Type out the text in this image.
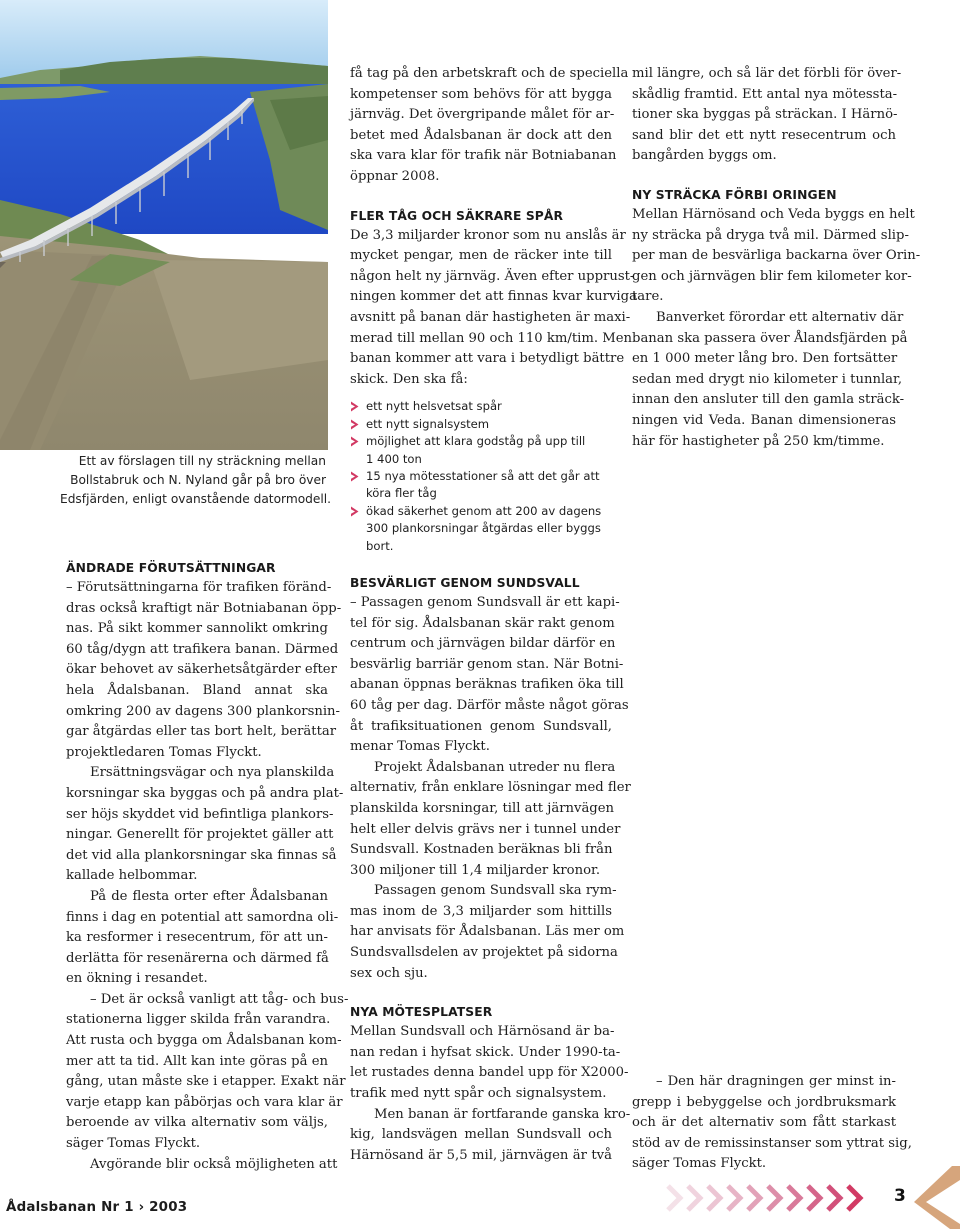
Ett av förslagen till ny sträckning mellan
Bollstabruk och N. Nyland går på bro över
Edsfjärden, enligt ovanstående datormodell.
ÄNDRADE FÖRUTSÄTTNINGAR
– Förutsättningarna för trafiken föränd-
dras också kraftigt när Botniabanan öpp-
nas. På sikt kommer sannolikt omkring
60 tåg/dygn att trafikera banan. Därmed
ökar behovet av säkerhetsåtgärder efter
hela Ådalsbanan. Bland annat ska
omkring 200 av dagens 300 plankorsnin-
gar åtgärdas eller tas bort helt, berättar
projektledaren Tomas Flyckt.
Ersättningsvägar och nya planskilda
korsningar ska byggas och på andra plat-
ser höjs skyddet vid befintliga plankors-
ningar. Generellt för projektet gäller att
det vid alla plankorsningar ska finnas så
kallade helbommar.
På de flesta orter efter Ådalsbanan
finns i dag en potential att samordna oli-
ka resformer i resecentrum, för att un-
derlätta för resenärerna och därmed få
en ökning i resandet.
– Det är också vanligt att tåg- och bus-
stationerna ligger skilda från varandra.
Att rusta och bygga om Ådalsbanan kom-
mer att ta tid. Allt kan inte göras på en
gång, utan måste ske i etapper. Exakt när
varje etapp kan påbörjas och vara klar är
beroende av vilka alternativ som väljs,
säger Tomas Flyckt.
Avgörande blir också möjligheten att
få tag på den arbetskraft och de speciella
kompetenser som behövs för att bygga
järnväg. Det övergripande målet för ar-
betet med Ådalsbanan är dock att den
ska vara klar för trafik när Botniabanan
öppnar 2008.
FLER TÅG OCH SÄKRARE SPÅR
De 3,3 miljarder kronor som nu anslås är
mycket pengar, men de räcker inte till
någon helt ny järnväg. Även efter upprust-
ningen kommer det att finnas kvar kurviga
avsnitt på banan där hastigheten är maxi-
merad till mellan 90 och 110 km/tim. Men
banan kommer att vara i betydligt bättre
skick. Den ska få:
ett nytt helsvetsat spår
ett nytt signalsystem
möjlighet att klara godståg på upp till
1 400 ton
15 nya mötesstationer så att det går att
köra fler tåg
ökad säkerhet genom att 200 av dagens
300 plankorsningar åtgärdas eller byggs
bort.
BESVÄRLIGT GENOM SUNDSVALL
– Passagen genom Sundsvall är ett kapi-
tel för sig. Ådalsbanan skär rakt genom
centrum och järnvägen bildar därför en
besvärlig barriär genom stan. När Botni-
abanan öppnas beräknas trafiken öka till
60 tåg per dag. Därför måste något göras
åt trafiksituationen genom Sundsvall,
menar Tomas Flyckt.
Projekt Ådalsbanan utreder nu flera
alternativ, från enklare lösningar med fler
planskilda korsningar, till att järnvägen
helt eller delvis grävs ner i tunnel under
Sundsvall. Kostnaden beräknas bli från
300 miljoner till 1,4 miljarder kronor.
Passagen genom Sundsvall ska rym-
mas inom de 3,3 miljarder som hittills
har anvisats för Ådalsbanan. Läs mer om
Sundsvallsdelen av projektet på sidorna
sex och sju.
NYA MÖTESPLATSER
Mellan Sundsvall och Härnösand är ba-
nan redan i hyfsat skick. Under 1990-ta-
let rustades denna bandel upp för X2000-
trafik med nytt spår och signalsystem.
Men banan är fortfarande ganska kro-
kig, landsvägen mellan Sundsvall och
Härnösand är 5,5 mil, järnvägen är två
mil längre, och så lär det förbli för över-
skådlig framtid. Ett antal nya mötessta-
tioner ska byggas på sträckan. I Härnö-
sand blir det ett nytt resecentrum och
bangården byggs om.
NY STRÄCKA FÖRBI ORINGEN
Mellan Härnösand och Veda byggs en helt
ny sträcka på dryga två mil. Därmed slip-
per man de besvärliga backarna över Orin-
gen och järnvägen blir fem kilometer kor-
tare.
Banverket förordar ett alternativ där
banan ska passera över Ålandsfjärden på
en 1 000 meter lång bro. Den fortsätter
sedan med drygt nio kilometer i tunnlar,
innan den ansluter till den gamla sträck-
ningen vid Veda. Banan dimensioneras
här för hastigheter på 250 km/timme.
– Den här dragningen ger minst in-
grepp i bebyggelse och jordbruksmark
och är det alternativ som fått starkast
stöd av de remissinstanser som yttrat sig,
säger Tomas Flyckt.
Ådalsbanan Nr 1 › 2003
3
